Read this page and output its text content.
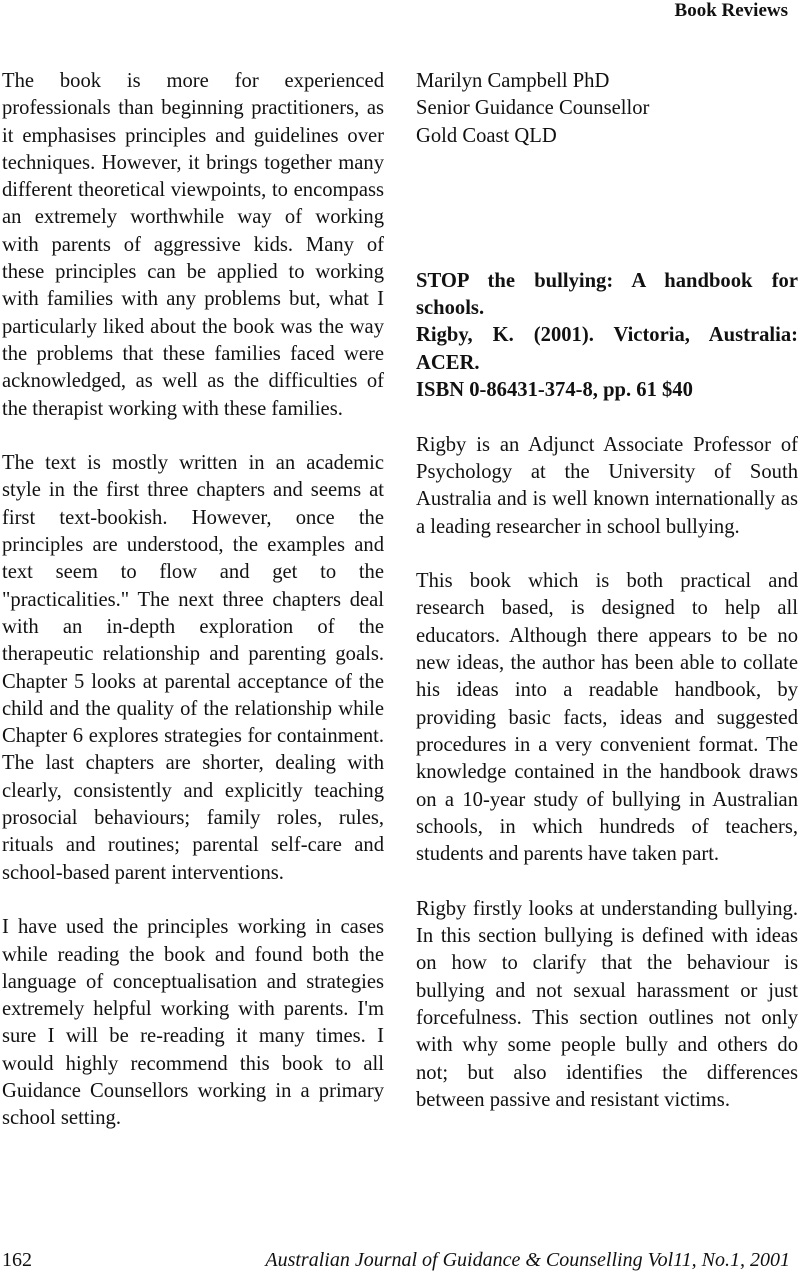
Book Reviews

The book is more for experienced professionals than beginning practitioners, as it emphasises principles and guidelines over techniques. However, it brings together many different theoretical viewpoints, to encompass an extremely worthwhile way of working with parents of aggressive kids. Many of these principles can be applied to working with families with any problems but, what I particularly liked about the book was the way the problems that these families faced were acknowledged, as well as the difficulties of the therapist working with these families.

The text is mostly written in an academic style in the first three chapters and seems at first text-bookish. However, once the principles are understood, the examples and text seem to flow and get to the "practicalities." The next three chapters deal with an in-depth exploration of the therapeutic relationship and parenting goals. Chapter 5 looks at parental acceptance of the child and the quality of the relationship while Chapter 6 explores strategies for containment. The last chapters are shorter, dealing with clearly, consistently and explicitly teaching prosocial behaviours; family roles, rules, rituals and routines; parental self-care and school-based parent interventions.

I have used the principles working in cases while reading the book and found both the language of conceptualisation and strategies extremely helpful working with parents. I'm sure I will be re-reading it many times. I would highly recommend this book to all Guidance Counsellors working in a primary school setting.

Marilyn Campbell PhD

Senior Guidance Counsellor

Gold Coast QLD

STOP the bullying: A handbook for schools.

Rigby, K. (2001). Victoria, Australia: ACER.

ISBN 0-86431-374-8, pp. 61 $40

Rigby is an Adjunct Associate Professor of Psychology at the University of South Australia and is well known internationally as a leading researcher in school bullying.

This book which is both practical and research based, is designed to help all educators. Although there appears to be no new ideas, the author has been able to collate his ideas into a readable handbook, by providing basic facts, ideas and suggested procedures in a very convenient format. The knowledge contained in the handbook draws on a 10-year study of bullying in Australian schools, in which hundreds of teachers, students and parents have taken part.

Rigby firstly looks at understanding bullying. In this section bullying is defined with ideas on how to clarify that the behaviour is bullying and not sexual harassment or just forcefulness. This section outlines not only with why some people bully and others do not; but also identifies the differences between passive and resistant victims.

162	Australian Journal of Guidance & Counselling Vol11, No.1, 2001
